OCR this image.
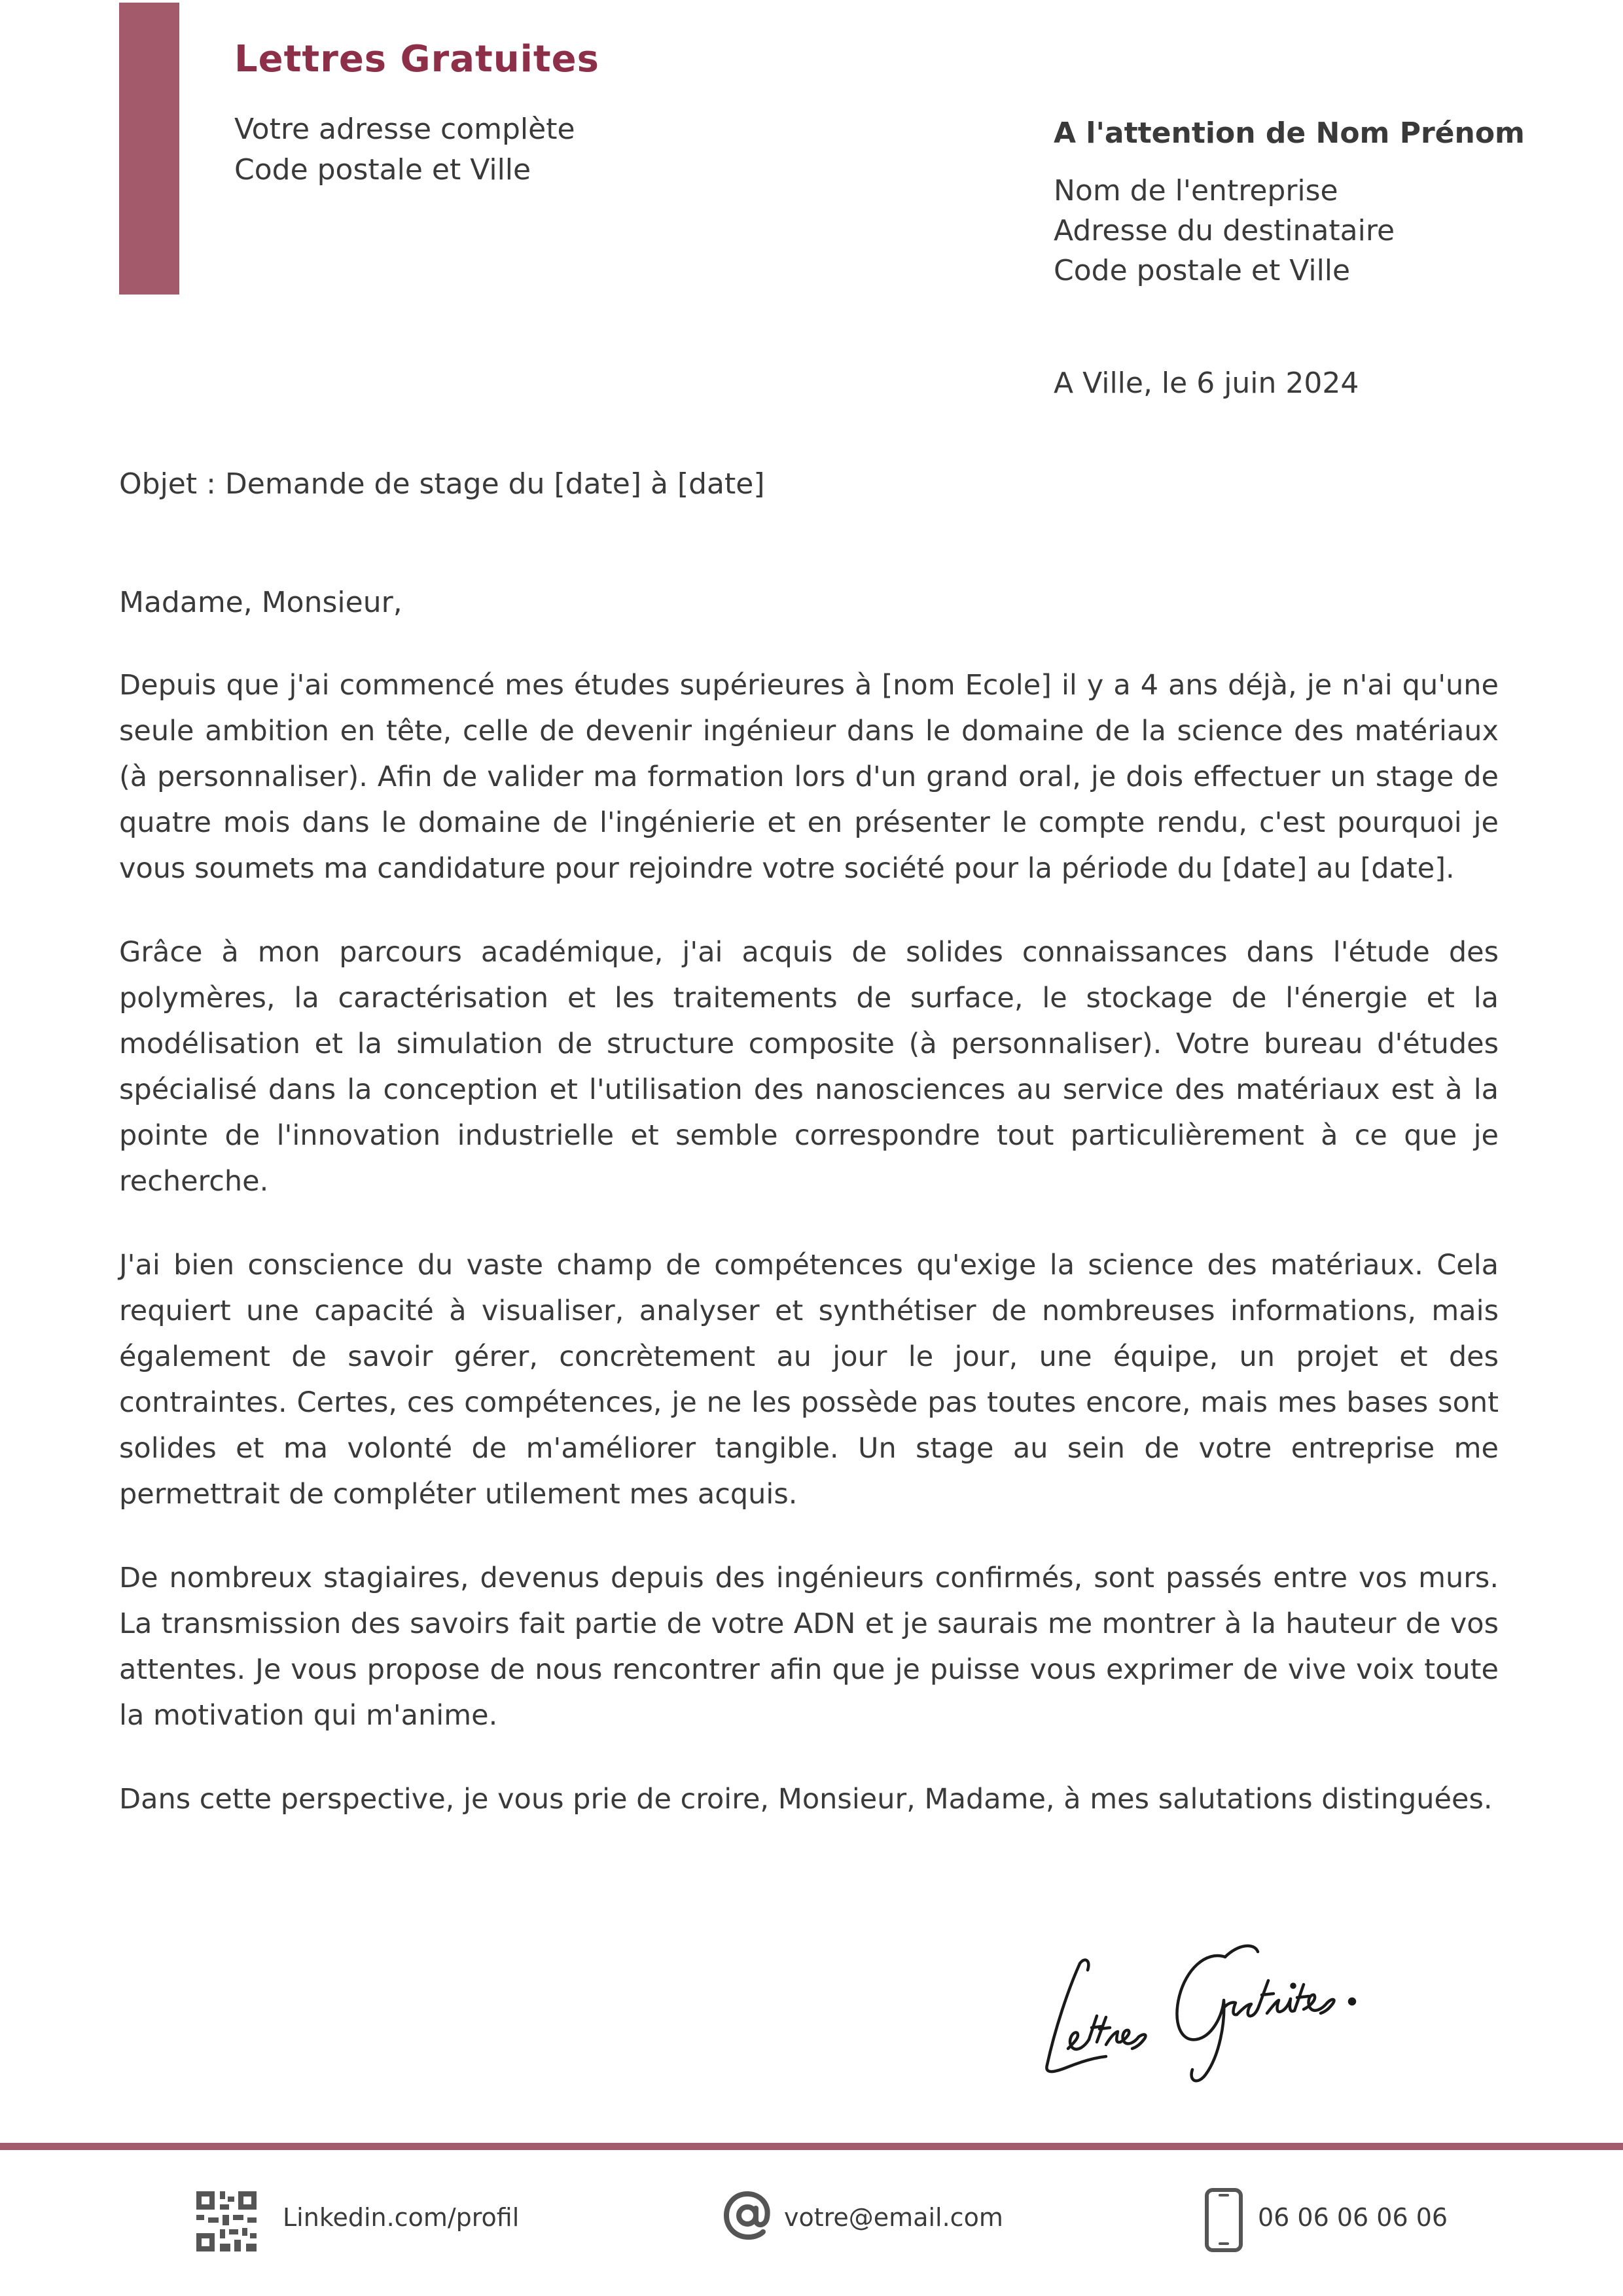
Lettres Gratuites
Votre adresse complète
Code postale et Ville
A l'attention de Nom Prénom
Nom de l'entreprise
Adresse du destinataire
Code postale et Ville
A Ville, le 6 juin 2024
Objet : Demande de stage du [date] à [date]
Madame, Monsieur,

Depuis que j'ai commencé mes études supérieures à [nom Ecole] il y a 4 ans déjà, je n'ai qu'une seule ambition en tête, celle de devenir ingénieur dans le domaine de la science des matériaux (à personnaliser). Afin de valider ma formation lors d'un grand oral, je dois effectuer un stage de quatre mois dans le domaine de l'ingénierie et en présenter le compte rendu, c'est pourquoi je vous soumets ma candidature pour rejoindre votre société pour la période du [date] au [date].

Grâce à mon parcours académique, j'ai acquis de solides connaissances dans l'étude des polymères, la caractérisation et les traitements de surface, le stockage de l'énergie et la modélisation et la simulation de structure composite (à personnaliser). Votre bureau d'études spécialisé dans la conception et l'utilisation des nanosciences au service des matériaux est à la pointe de l'innovation industrielle et semble correspondre tout particulièrement à ce que je recherche.

J'ai bien conscience du vaste champ de compétences qu'exige la science des matériaux. Cela requiert une capacité à visualiser, analyser et synthétiser de nombreuses informations, mais également de savoir gérer, concrètement au jour le jour, une équipe, un projet et des contraintes. Certes, ces compétences, je ne les possède pas toutes encore, mais mes bases sont solides et ma volonté de m'améliorer tangible. Un stage au sein de votre entreprise me permettrait de compléter utilement mes acquis.

De nombreux stagiaires, devenus depuis des ingénieurs confirmés, sont passés entre vos murs. La transmission des savoirs fait partie de votre ADN et je saurais me montrer à la hauteur de vos attentes. Je vous propose de nous rencontrer afin que je puisse vous exprimer de vive voix toute la motivation qui m'anime.

Dans cette perspective, je vous prie de croire, Monsieur, Madame, à mes salutations distinguées.

Linkedin.com/profil	votre@email.com	06 06 06 06 06
